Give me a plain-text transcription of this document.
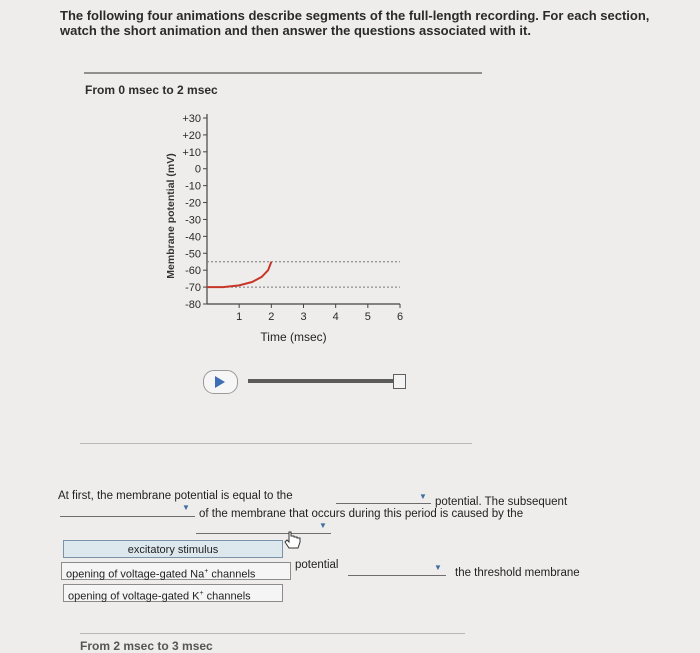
The following four animations describe segments of the full-length recording. For each section, watch the short animation and then answer the questions associated with it.
From 0 msec to 2 msec
+30
+20
+10
0
-10
-20
-30
-40
-50
-60
-70
-80
1 2 3 4 5 6
Time (msec)
Membrane potential (mV)
At first, the membrane potential is equal to the	▼ potential. The subsequent
▼
of the membrane that occurs during this period is caused by the
▼
excitatory stimulus
opening of voltage-gated Na+ channels
opening of voltage-gated K+ channels
potential	▼ the threshold membrane
From 2 msec to 3 msec
